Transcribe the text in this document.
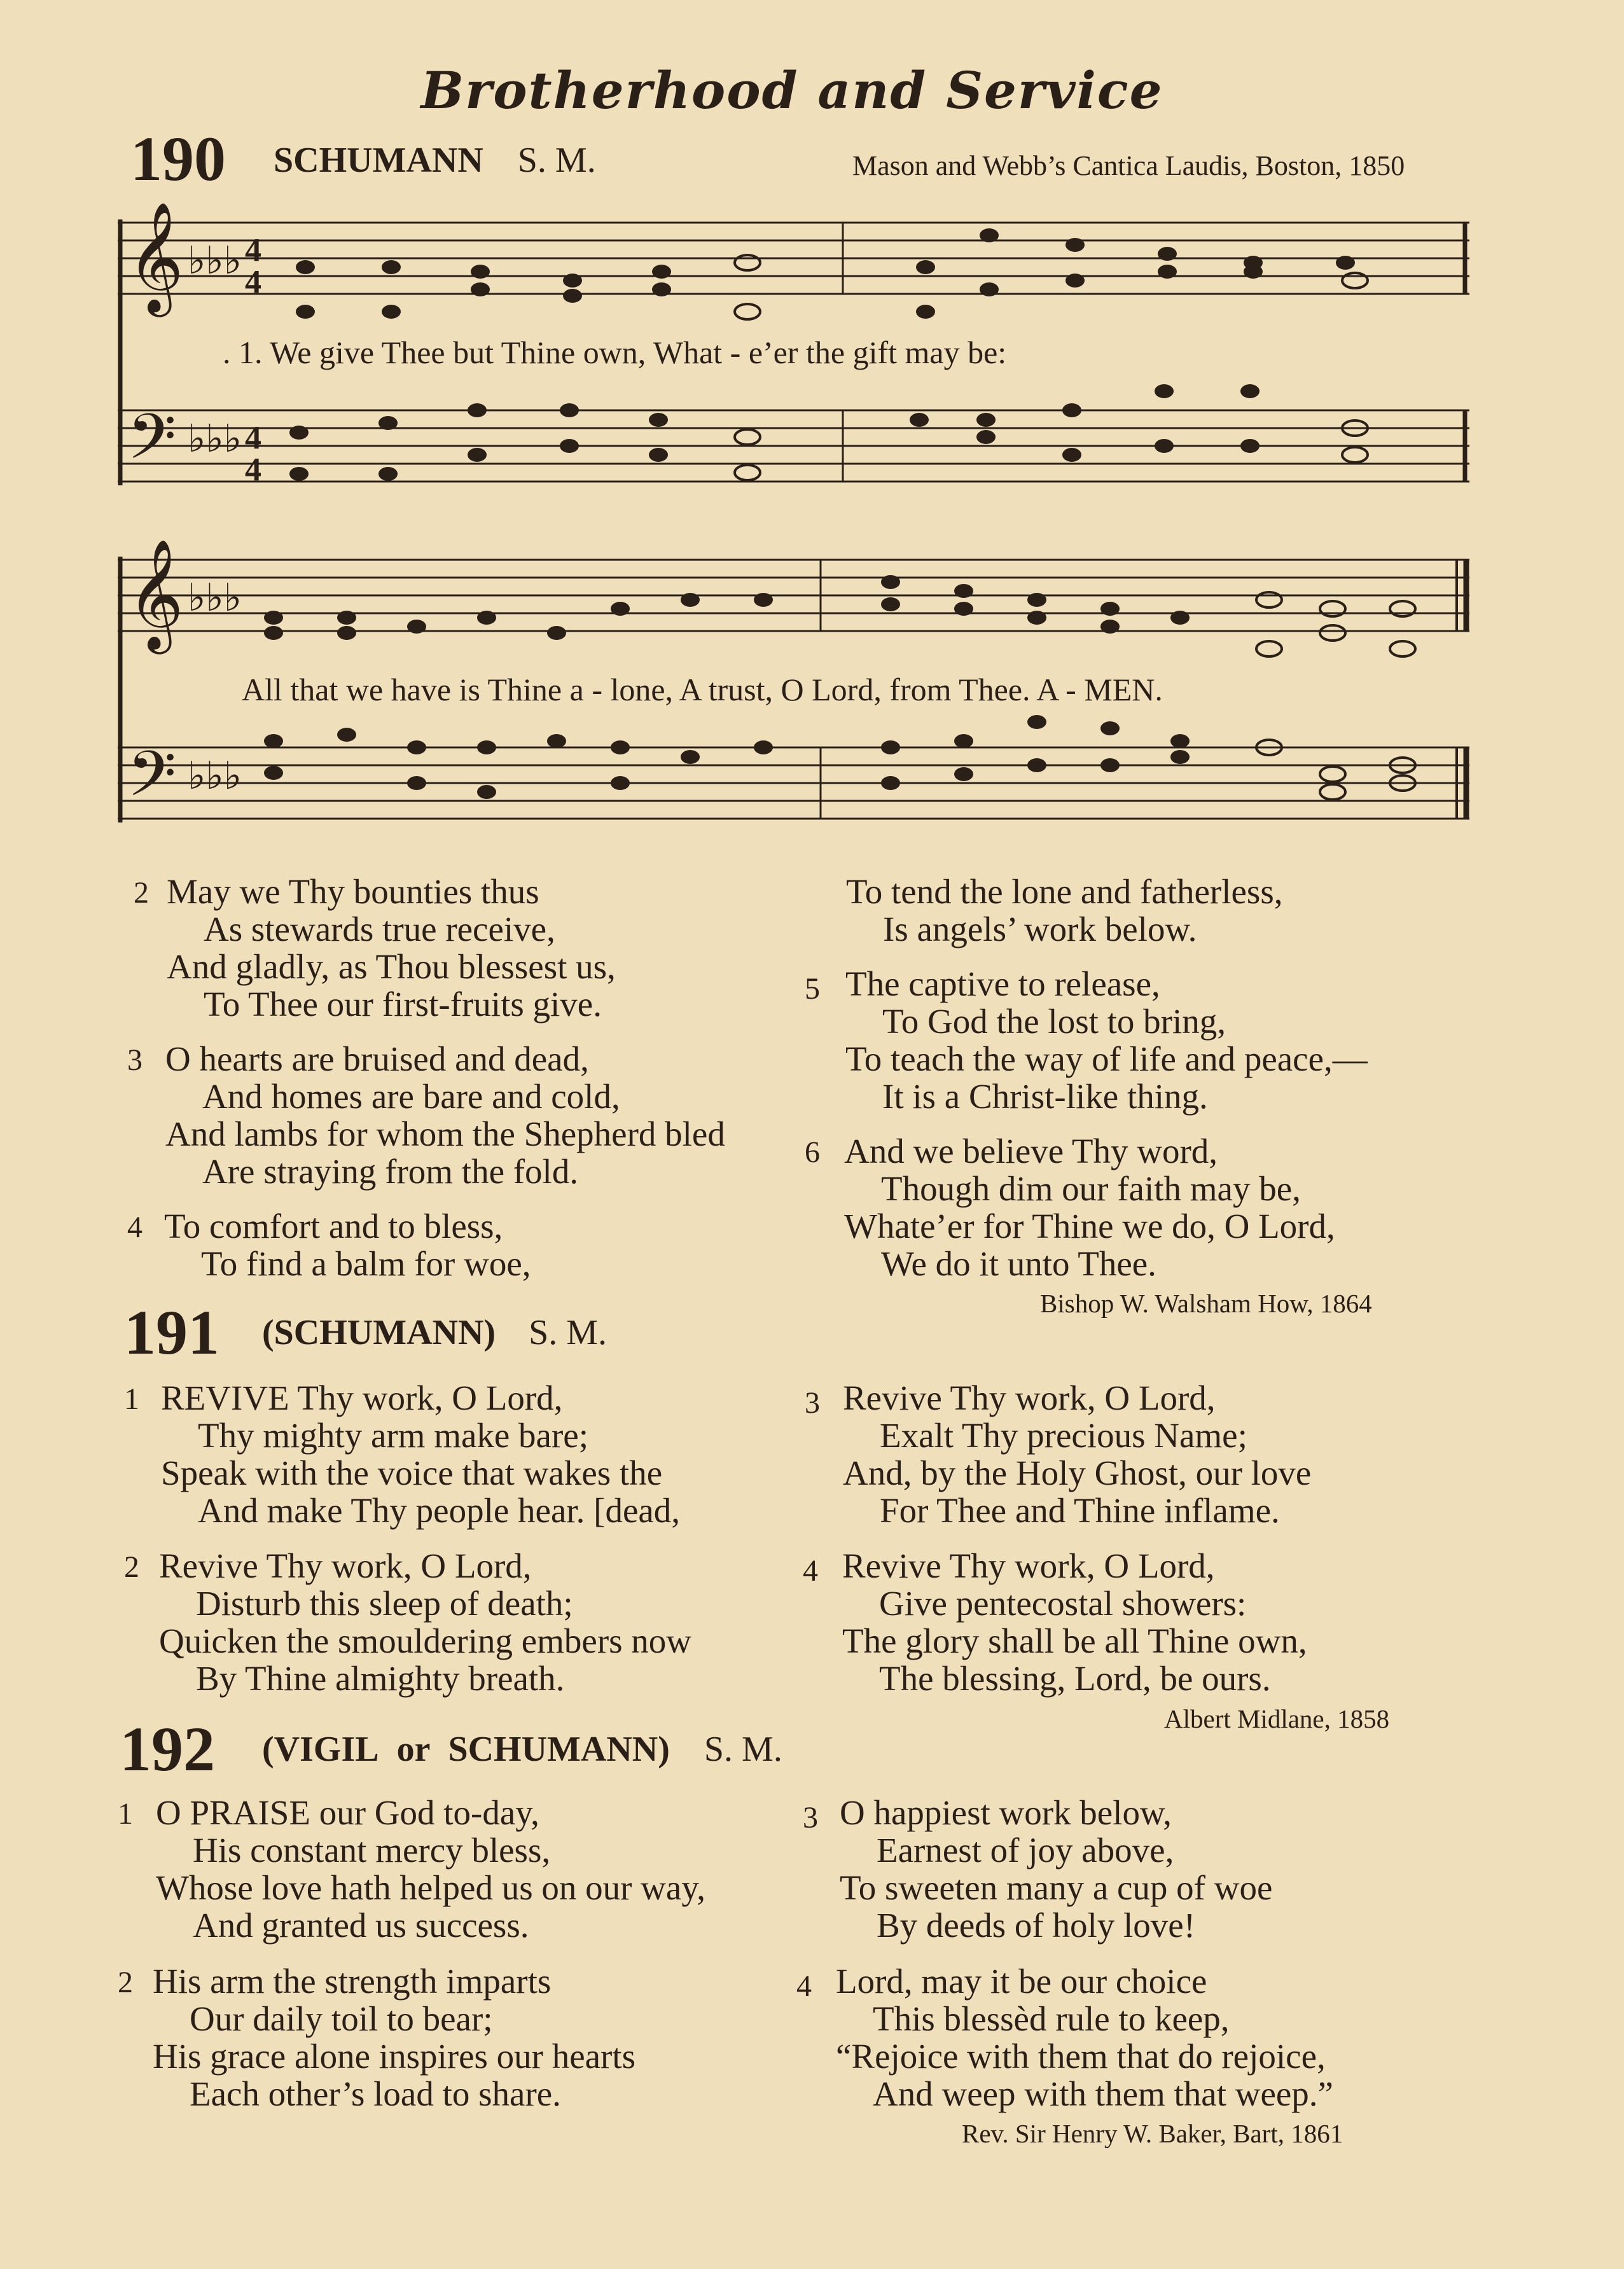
Brotherhood and Service
190 SCHUMANN S. M.	Mason and Webb’s Cantica Laudis, Boston, 1850
𝄞
𝄢
♭♭♭
♭♭♭
4
4
4
4
. 1. We give Thee but Thine own, What - e’er the gift may be:
𝄞
𝄢
♭♭♭
♭♭♭
All that we have is Thine a - lone, A trust, O Lord, from Thee. A - MEN.
2 May we Thy bounties thus
As stewards true receive,
And gladly, as Thou blessest us,
To Thee our first-fruits give.
3 O hearts are bruised and dead,
And homes are bare and cold,
And lambs for whom the Shepherd bled
Are straying from the fold.
4 To comfort and to bless,
To find a balm for woe,
To tend the lone and fatherless,
Is angels’ work below.
5 The captive to release,
To God the lost to bring,
To teach the way of life and peace,—
It is a Christ-like thing.
6 And we believe Thy word,
Though dim our faith may be,
Whate’er for Thine we do, O Lord,
We do it unto Thee.
Bishop W. Walsham How, 1864
191 (SCHUMANN) S. M.
1 REVIVE Thy work, O Lord,
Thy mighty arm make bare;
Speak with the voice that wakes the
And make Thy people hear. [dead,
2 Revive Thy work, O Lord,
Disturb this sleep of death;
Quicken the smouldering embers now
By Thine almighty breath.
3 Revive Thy work, O Lord,
Exalt Thy precious Name;
And, by the Holy Ghost, our love
For Thee and Thine inflame.
4 Revive Thy work, O Lord,
Give pentecostal showers:
The glory shall be all Thine own,
The blessing, Lord, be ours.
Albert Midlane, 1858
192 (VIGIL or SCHUMANN) S. M.
1 O PRAISE our God to-day,
His constant mercy bless,
Whose love hath helped us on our way,
And granted us success.
2 His arm the strength imparts
Our daily toil to bear;
His grace alone inspires our hearts
Each other’s load to share.
3 O happiest work below,
Earnest of joy above,
To sweeten many a cup of woe
By deeds of holy love!
4 Lord, may it be our choice
This blessèd rule to keep,
“Rejoice with them that do rejoice,
And weep with them that weep.”
Rev. Sir Henry W. Baker, Bart, 1861
